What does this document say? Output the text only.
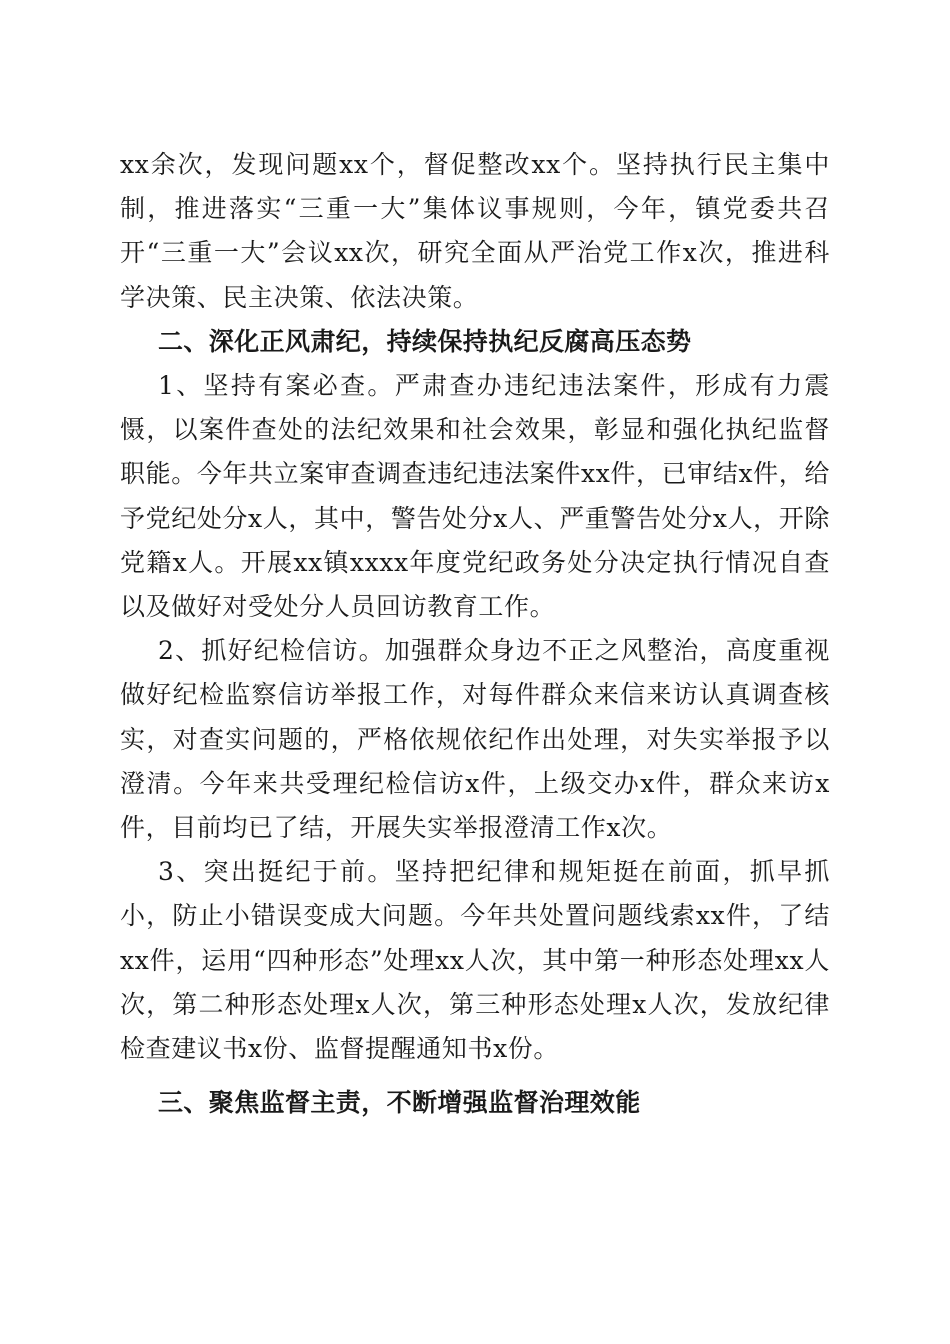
xx余次，发现问题xx个，督促整改xx个。坚持执行民主集中制，推进落实“三重一大”集体议事规则，今年，镇党委共召开“三重一大”会议xx次，研究全面从严治党工作x次，推进科学决策、民主决策、依法决策。

二、深化正风肃纪，持续保持执纪反腐高压态势

1、坚持有案必查。严肃查办违纪违法案件，形成有力震慑，以案件查处的法纪效果和社会效果，彰显和强化执纪监督职能。今年共立案审查调查违纪违法案件xx件，已审结x件，给予党纪处分x人，其中，警告处分x人、严重警告处分x人，开除党籍x人。开展xx镇xxxx年度党纪政务处分决定执行情况自查以及做好对受处分人员回访教育工作。

2、抓好纪检信访。加强群众身边不正之风整治，高度重视做好纪检监察信访举报工作，对每件群众来信来访认真调查核实，对查实问题的，严格依规依纪作出处理，对失实举报予以澄清。今年来共受理纪检信访x件，上级交办x件，群众来访x件，目前均已了结，开展失实举报澄清工作x次。

3、突出挺纪于前。坚持把纪律和规矩挺在前面，抓早抓小，防止小错误变成大问题。今年共处置问题线索xx件，了结xx件，运用“四种形态”处理xx人次，其中第一种形态处理xx人次，第二种形态处理x人次，第三种形态处理x人次，发放纪律检查建议书x份、监督提醒通知书x份。

三、聚焦监督主责，不断增强监督治理效能
